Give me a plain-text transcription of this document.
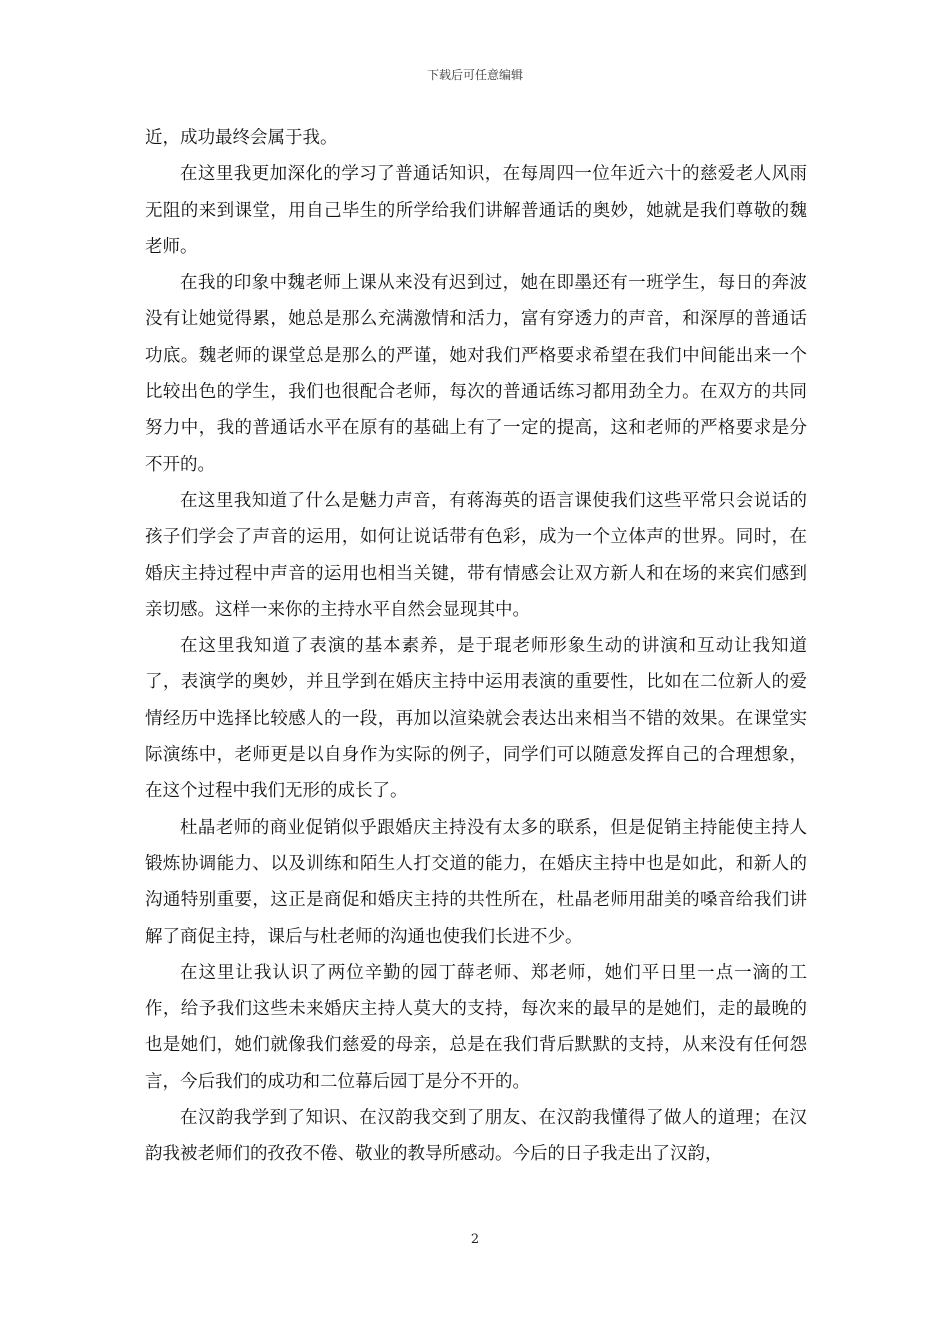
下载后可任意编辑

近，成功最终会属于我。

在这里我更加深化的学习了普通话知识，在每周四一位年近六十的慈爱老人风雨无阻的来到课堂，用自己毕生的所学给我们讲解普通话的奥妙，她就是我们尊敬的魏老师。

在我的印象中魏老师上课从来没有迟到过，她在即墨还有一班学生，每日的奔波没有让她觉得累，她总是那么充满激情和活力，富有穿透力的声音，和深厚的普通话功底。魏老师的课堂总是那么的严谨，她对我们严格要求希望在我们中间能出来一个比较出色的学生，我们也很配合老师，每次的普通话练习都用劲全力。在双方的共同努力中，我的普通话水平在原有的基础上有了一定的提高，这和老师的严格要求是分不开的。

在这里我知道了什么是魅力声音，有蒋海英的语言课使我们这些平常只会说话的孩子们学会了声音的运用，如何让说话带有色彩，成为一个立体声的世界。同时，在婚庆主持过程中声音的运用也相当关键，带有情感会让双方新人和在场的来宾们感到亲切感。这样一来你的主持水平自然会显现其中。

在这里我知道了表演的基本素养，是于琨老师形象生动的讲演和互动让我知道了，表演学的奥妙，并且学到在婚庆主持中运用表演的重要性，比如在二位新人的爱情经历中选择比较感人的一段，再加以渲染就会表达出来相当不错的效果。在课堂实际演练中，老师更是以自身作为实际的例子，同学们可以随意发挥自己的合理想象，在这个过程中我们无形的成长了。

杜晶老师的商业促销似乎跟婚庆主持没有太多的联系，但是促销主持能使主持人锻炼协调能力、以及训练和陌生人打交道的能力，在婚庆主持中也是如此，和新人的沟通特别重要，这正是商促和婚庆主持的共性所在，杜晶老师用甜美的嗓音给我们讲解了商促主持，课后与杜老师的沟通也使我们长进不少。

在这里让我认识了两位辛勤的园丁薛老师、郑老师，她们平日里一点一滴的工作，给予我们这些未来婚庆主持人莫大的支持，每次来的最早的是她们，走的最晚的也是她们，她们就像我们慈爱的母亲，总是在我们背后默默的支持，从来没有任何怨言，今后我们的成功和二位幕后园丁是分不开的。

在汉韵我学到了知识、在汉韵我交到了朋友、在汉韵我懂得了做人的道理；在汉韵我被老师们的孜孜不倦、敬业的教导所感动。今后的日子我走出了汉韵，

2
